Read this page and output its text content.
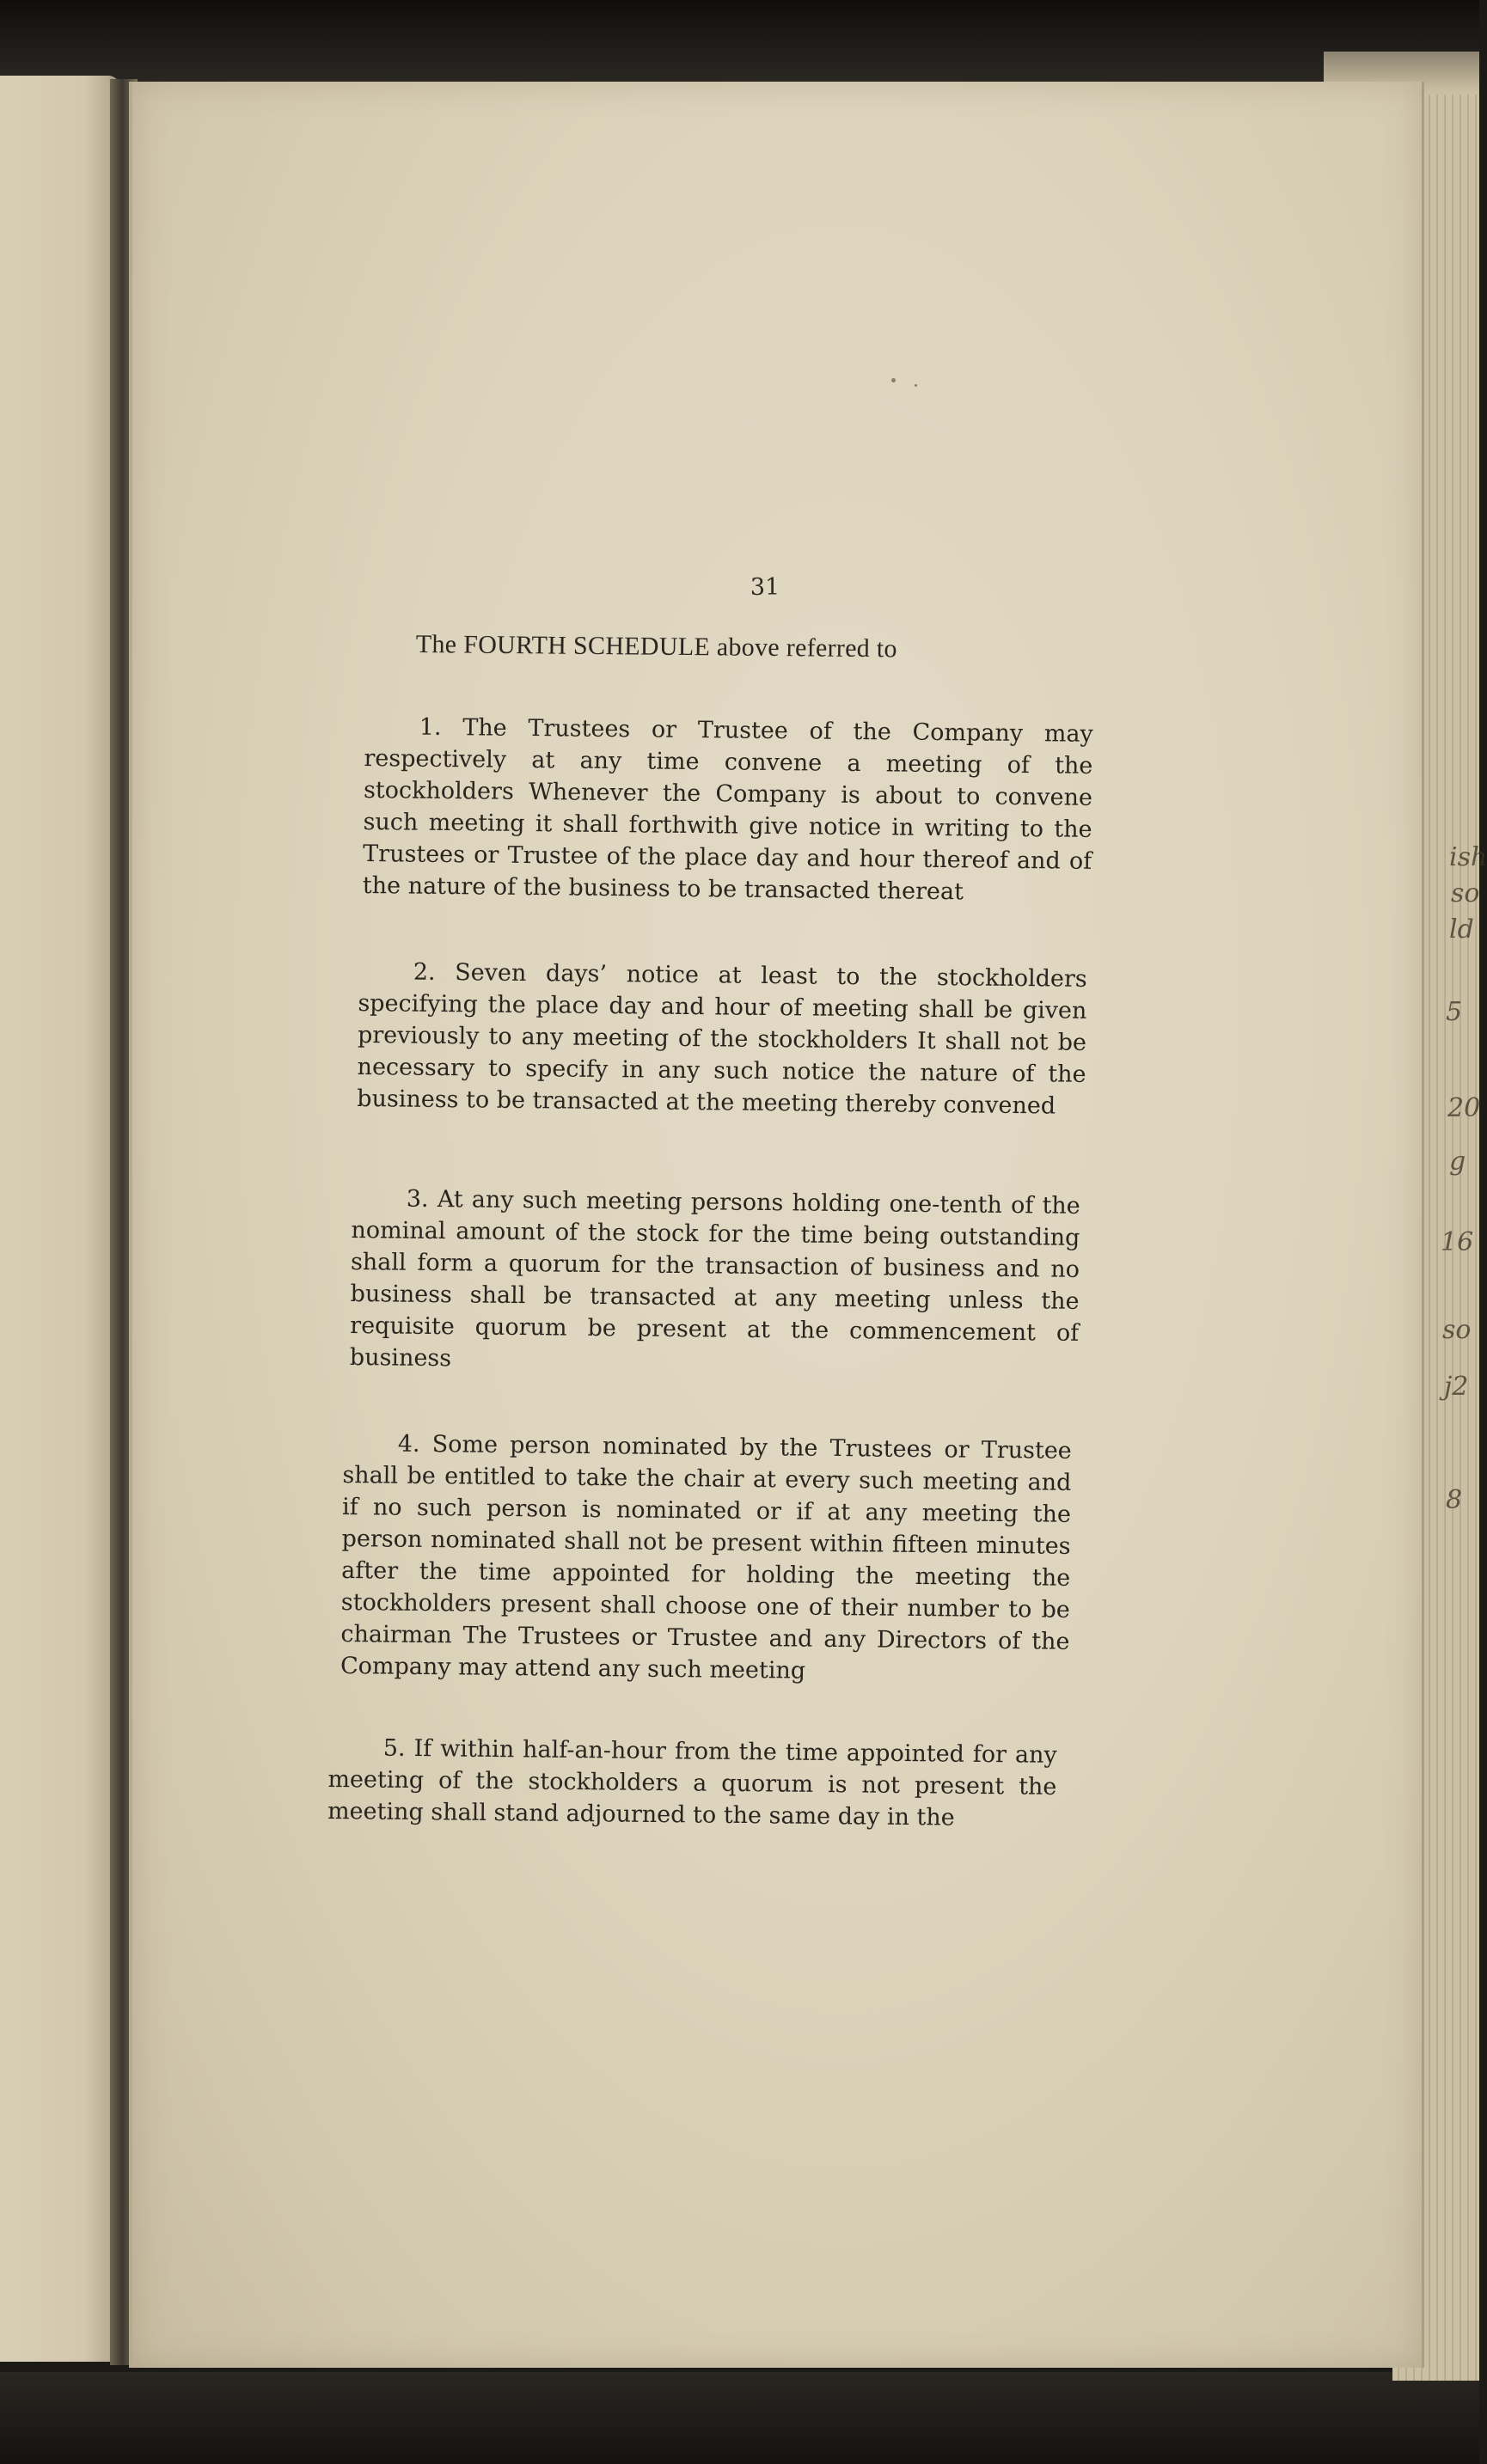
ish
so
ld
5
20
g
16
so
j2
8
31
The FOURTH SCHEDULE above referred to

1. The Trustees or Trustee of the Company may respectively at any time convene a meeting of the stockholders Whenever the Company is about to convene such meeting it shall forthwith give notice in writing to the Trustees or Trustee of the place day and hour thereof and of the nature of the business to be transacted thereat

2. Seven days’ notice at least to the stockholders specifying the place day and hour of meeting shall be given previously to any meeting of the stockholders It shall not be necessary to specify in any such notice the nature of the business to be transacted at the meeting thereby convened

3. At any such meeting persons holding one-tenth of the nominal amount of the stock for the time being outstanding shall form a quorum for the transaction of business and no business shall be transacted at any meeting unless the requisite quorum be present at the commencement of business

4. Some person nominated by the Trustees or Trustee shall be entitled to take the chair at every such meeting and if no such person is nominated or if at any meeting the person nominated shall not be present within fifteen minutes after the time appointed for holding the meeting the stockholders present shall choose one of their number to be chairman The Trustees or Trustee and any Directors of the Company may attend any such meeting

5. If within half-an-hour from the time appointed for any meeting of the stockholders a quorum is not present the meeting shall stand adjourned to the same day in the
